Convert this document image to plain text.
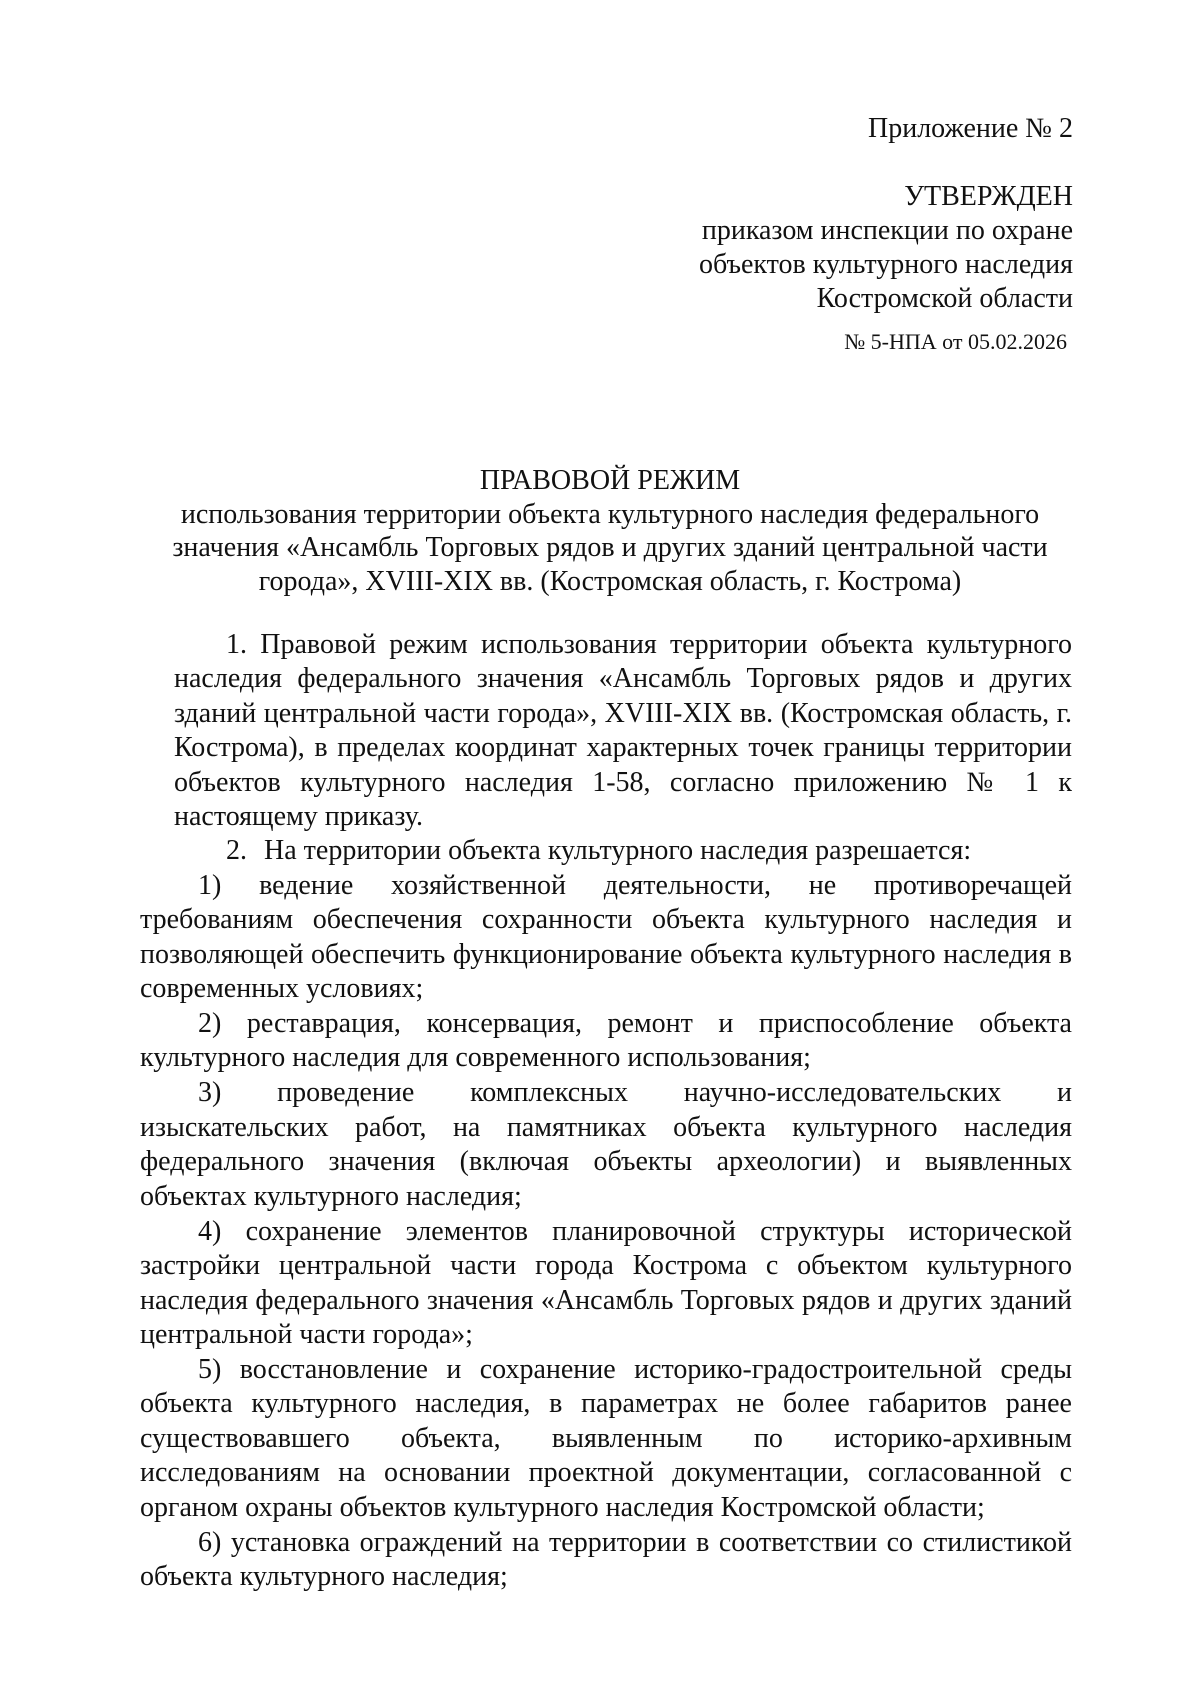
Приложение № 2
УТВЕРЖДЕН
приказом инспекции по охране
объектов культурного наследия
Костромской области
№ 5-НПА от 05.02.2026
ПРАВОВОЙ РЕЖИМ
использования территории объекта культурного наследия федерального
значения «Ансамбль Торговых рядов и других зданий центральной части
города», XVIII-XIX вв. (Костромская область, г. Кострома)

1. Правовой режим использования территории объекта культурного наследия федерального значения «Ансамбль Торговых рядов и других зданий центральной части города», XVIII-XIX вв. (Костромская область, г. Кострома), в пределах координат характерных точек границы территории объектов культурного наследия 1-58, согласно приложению № 1 к настоящему приказу.

2. На территории объекта культурного наследия разрешается:

1) ведение хозяйственной деятельности, не противоречащей требованиям обеспечения сохранности объекта культурного наследия и позволяющей обеспечить функционирование объекта культурного наследия в современных условиях;

2) реставрация, консервация, ремонт и приспособление объекта культурного наследия для современного использования;

3) проведение комплексных научно-исследовательских и изыскательских работ, на памятниках объекта культурного наследия федерального значения (включая объекты археологии) и выявленных объектах культурного наследия;

4) сохранение элементов планировочной структуры исторической застройки центральной части города Кострома с объектом культурного наследия федерального значения «Ансамбль Торговых рядов и других зданий центральной части города»;

5) восстановление и сохранение историко-градостроительной среды объекта культурного наследия, в параметрах не более габаритов ранее существовавшего объекта, выявленным по историко-архивным исследованиям на основании проектной документации, согласованной с органом охраны объектов культурного наследия Костромской области;

6) установка ограждений на территории в соответствии со стилистикой объекта культурного наследия;
